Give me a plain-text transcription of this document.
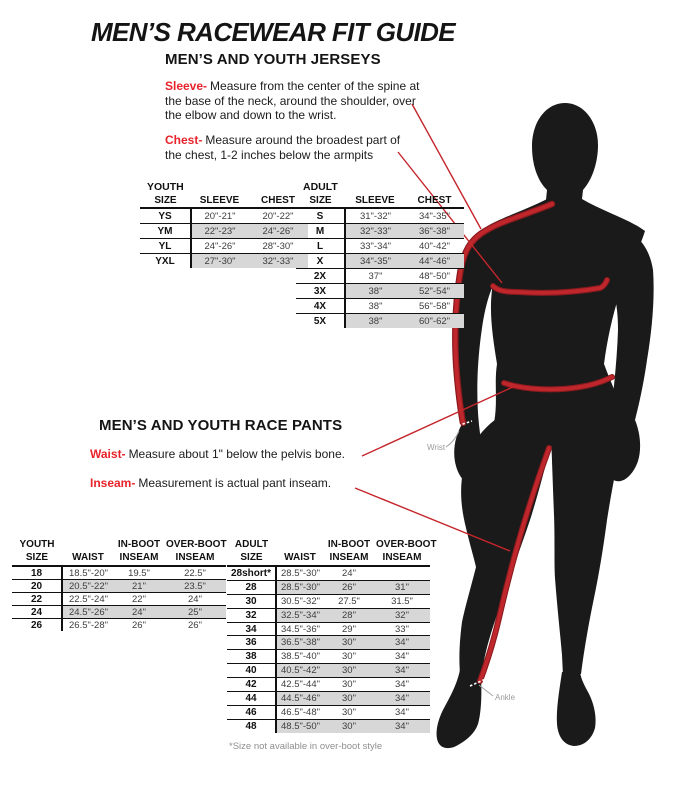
Wrist
Ankle
MEN’S RACEWEAR FIT GUIDE
MEN’S AND YOUTH JERSEYS
Sleeve- Measure from the center of the spine at the base of the neck, around the shoulder, over the elbow and down to the wrist.
Chest- Measure around the broadest part of the chest, 1-2 inches below the armpits
YOUTH
SIZE	SLEEVE	CHEST
YS	20"-21"	20"-22"
YM	22"-23"	24"-26"
YL	24"-26"	28"-30"
YXL	27"-30"	32"-33"
ADULT
SIZE	SLEEVE	CHEST
S	31"-32"	34"-35"
M	32"-33"	36"-38"
L	33"-34"	40"-42"
X	34"-35"	44"-46"
2X	37"	48"-50"
3X	38"	52"-54"
4X	38"	56"-58"
5X	38"	60"-62"
MEN’S AND YOUTH RACE PANTS
Waist- Measure about 1" below the pelvis bone.
Inseam- Measurement is actual pant inseam.
YOUTH
SIZE	WAIST

IN-BOOT
INSEAM

OVER-BOOT
INSEAM

18	18.5"-20"	19.5"	22.5"
20	20.5"-22"	21"	23.5"
22	22.5"-24"	22"	24"
24	24.5"-26"	24"	25"
26	26.5"-28"	26"	26"
ADULT
SIZE	WAIST

IN-BOOT
INSEAM

OVER-BOOT
INSEAM

28short*	28.5"-30"	24"	
28	28.5"-30"	26"	31"
30	30.5"-32"	27.5"	31.5"
32	32.5"-34"	28"	32"
34	34.5"-36"	29"	33"
36	36.5"-38"	30"	34"
38	38.5"-40"	30"	34"
40	40.5"-42"	30"	34"
42	42.5"-44"	30"	34"
44	44.5"-46"	30"	34"
46	46.5"-48"	30"	34"
48	48.5"-50"	30"	34"
*Size not available in over-boot style
